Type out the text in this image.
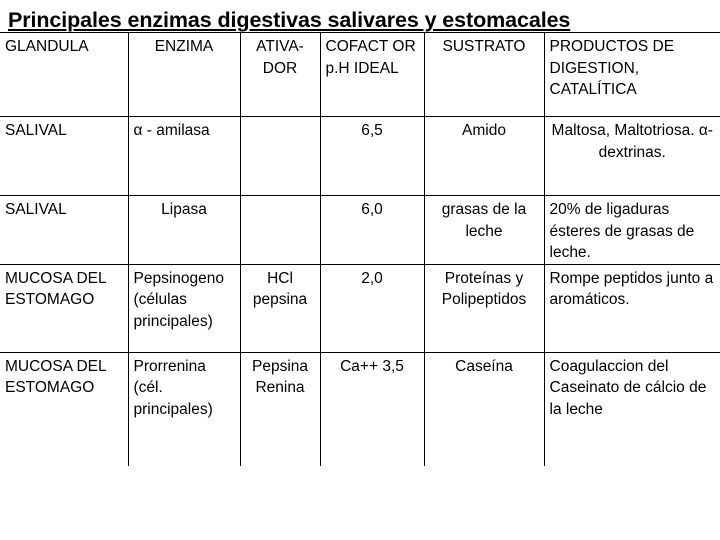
Principales enzimas digestivas salivares y estomacales
GLANDULA	ENZIMA	ATIVA-DOR	COFACT OR p.H IDEAL	SUSTRATO	PRODUCTOS DE DIGESTION, CATALÍTICA
SALIVAL	α - amilasa		6,5	Amido	Maltosa, Maltotriosa. α-dextrinas.
SALIVAL	Lipasa		6,0	grasas de la leche	20% de ligaduras ésteres de grasas de leche.
MUCOSA DEL ESTOMAGO	Pepsinogeno (células principales)	HCl pepsina	2,0	Proteínas y Polipeptidos	Rompe peptidos junto a aromáticos.
MUCOSA DEL ESTOMAGO	Prorrenina (cél. principales)	Pepsina Renina	Ca++ 3,5	Caseína	Coagulaccion del Caseinato de cálcio de la leche
